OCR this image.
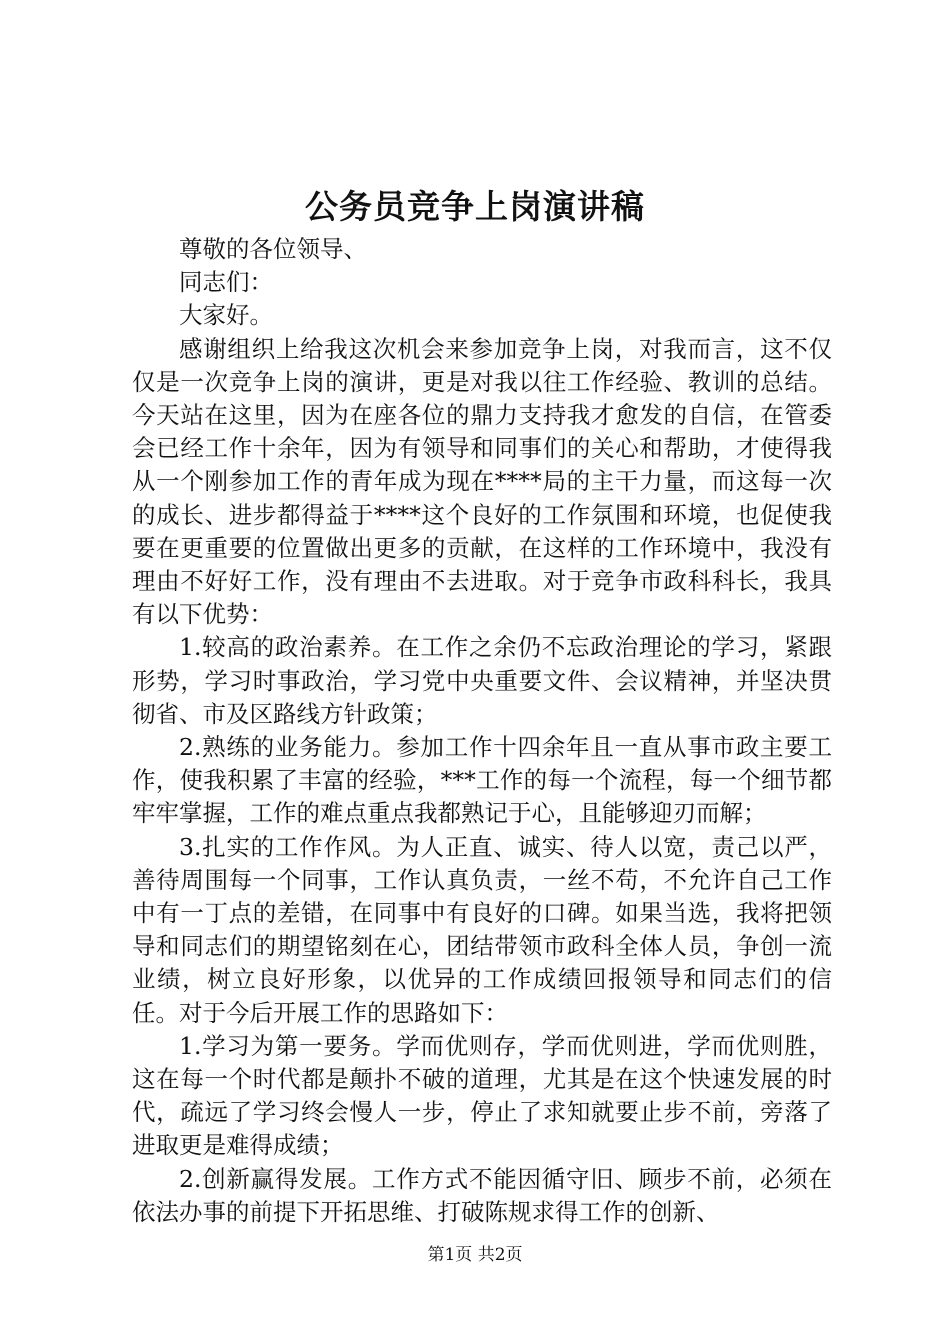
公务员竞争上岗演讲稿

尊敬的各位领导、

同志们：

大家好。

感谢组织上给我这次机会来参加竞争上岗，对我而言，这不仅仅是一次竞争上岗的演讲，更是对我以往工作经验、教训的总结。今天站在这里，因为在座各位的鼎力支持我才愈发的自信，在管委会已经工作十余年，因为有领导和同事们的关心和帮助，才使得我从一个刚参加工作的青年成为现在****局的主干力量，而这每一次的成长、进步都得益于****这个良好的工作氛围和环境，也促使我要在更重要的位置做出更多的贡献，在这样的工作环境中，我没有理由不好好工作，没有理由不去进取。对于竞争市政科科长，我具有以下优势：

1.较高的政治素养。在工作之余仍不忘政治理论的学习，紧跟形势，学习时事政治，学习党中央重要文件、会议精神，并坚决贯彻省、市及区路线方针政策；

2.熟练的业务能力。参加工作十四余年且一直从事市政主要工作，使我积累了丰富的经验，***工作的每一个流程，每一个细节都牢牢掌握，工作的难点重点我都熟记于心，且能够迎刃而解；

3.扎实的工作作风。为人正直、诚实、待人以宽，责己以严，善待周围每一个同事，工作认真负责，一丝不苟，不允许自己工作中有一丁点的差错，在同事中有良好的口碑。如果当选，我将把领导和同志们的期望铭刻在心，团结带领市政科全体人员，争创一流业绩，树立良好形象，以优异的工作成绩回报领导和同志们的信任。对于今后开展工作的思路如下：

1.学习为第一要务。学而优则存，学而优则进，学而优则胜，这在每一个时代都是颠扑不破的道理，尤其是在这个快速发展的时代，疏远了学习终会慢人一步，停止了求知就要止步不前，旁落了进取更是难得成绩；

2.创新赢得发展。工作方式不能因循守旧、顾步不前，必须在依法办事的前提下开拓思维、打破陈规求得工作的创新、

第1页 共2页
